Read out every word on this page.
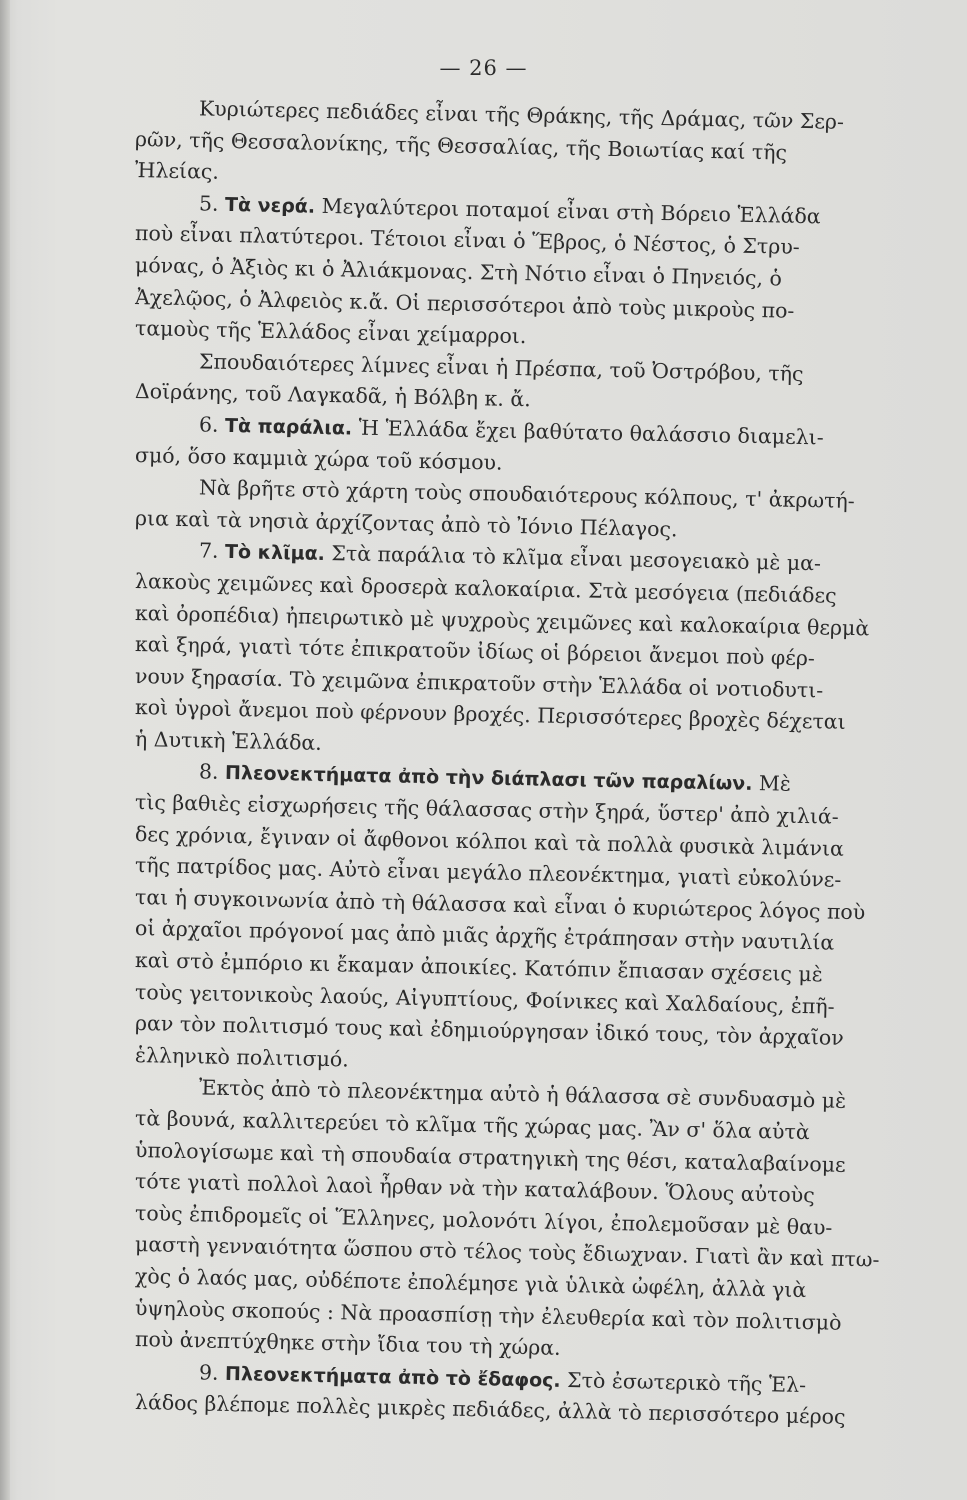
— 26 —
Κυριώτερες πεδιάδες εἶναι τῆς Θράκης, τῆς Δράμας, τῶν Σερ-
ρῶν, τῆς Θεσσαλονίκης, τῆς Θεσσαλίας, τῆς Βοιωτίας καί τῆς
Ἠλείας.
5. Τὰ νερά. Μεγαλύτεροι ποταμοί εἶναι στὴ Βόρειο Ἑλλάδα
ποὺ εἶναι πλατύτεροι. Τέτοιοι εἶναι ὁ Ἕβρος, ὁ Νέστος, ὁ Στρυ-
μόνας, ὁ Ἀξιὸς κι ὁ Ἀλιάκμονας. Στὴ Νότιο εἶναι ὁ Πηνειός, ὁ
Ἀχελῷος, ὁ Ἀλφειὸς κ.ἄ. Οἱ περισσότεροι ἀπὸ τοὺς μικροὺς πο-
ταμοὺς τῆς Ἑλλάδος εἶναι χείμαρροι.
Σπουδαιότερες λίμνες εἶναι ἡ Πρέσπα, τοῦ Ὀστρόβου, τῆς
Δοϊράνης, τοῦ Λαγκαδᾶ, ἡ Βόλβη κ. ἄ.
6. Τὰ παράλια. Ἡ Ἑλλάδα ἔχει βαθύτατο θαλάσσιο διαμελι-
σμό, ὅσο καμμιὰ χώρα τοῦ κόσμου.
Νὰ βρῆτε στὸ χάρτη τοὺς σπουδαιότερους κόλπους, τ' ἀκρωτή-
ρια καὶ τὰ νησιὰ ἀρχίζοντας ἀπὸ τὸ Ἰόνιο Πέλαγος.
7. Τὸ κλῖμα. Στὰ παράλια τὸ κλῖμα εἶναι μεσογειακὸ μὲ μα-
λακοὺς χειμῶνες καὶ δροσερὰ καλοκαίρια. Στὰ μεσόγεια (πεδιάδες
καὶ ὀροπέδια) ἠπειρωτικὸ μὲ ψυχροὺς χειμῶνες καὶ καλοκαίρια θερμὰ
καὶ ξηρά, γιατὶ τότε ἐπικρατοῦν ἰδίως οἱ βόρειοι ἄνεμοι ποὺ φέρ-
νουν ξηρασία. Τὸ χειμῶνα ἐπικρατοῦν στὴν Ἑλλάδα οἱ νοτιοδυτι-
κοὶ ὑγροὶ ἄνεμοι ποὺ φέρνουν βροχές. Περισσότερες βροχὲς δέχεται
ἡ Δυτικὴ Ἑλλάδα.
8. Πλεονεκτήματα ἀπὸ τὴν διάπλασι τῶν παραλίων. Μὲ
τὶς βαθιὲς εἰσχωρήσεις τῆς θάλασσας στὴν ξηρά, ὕστερ' ἀπὸ χιλιά-
δες χρόνια, ἔγιναν οἱ ἄφθονοι κόλποι καὶ τὰ πολλὰ φυσικὰ λιμάνια
τῆς πατρίδος μας. Αὐτὸ εἶναι μεγάλο πλεονέκτημα, γιατὶ εὐκολύνε-
ται ἡ συγκοινωνία ἀπὸ τὴ θάλασσα καὶ εἶναι ὁ κυριώτερος λόγος ποὺ
οἱ ἀρχαῖοι πρόγονοί μας ἀπὸ μιᾶς ἀρχῆς ἐτράπησαν στὴν ναυτιλία
καὶ στὸ ἐμπόριο κι ἔκαμαν ἀποικίες. Κατόπιν ἔπιασαν σχέσεις μὲ
τοὺς γειτονικοὺς λαούς, Αἰγυπτίους, Φοίνικες καὶ Χαλδαίους, ἐπῆ-
ραν τὸν πολιτισμό τους καὶ ἐδημιούργησαν ἰδικό τους, τὸν ἀρχαῖον
ἑλληνικὸ πολιτισμό.
Ἐκτὸς ἀπὸ τὸ πλεονέκτημα αὐτὸ ἡ θάλασσα σὲ συνδυασμὸ μὲ
τὰ βουνά, καλλιτερεύει τὸ κλῖμα τῆς χώρας μας. Ἂν σ' ὅλα αὐτὰ
ὑπολογίσωμε καὶ τὴ σπουδαία στρατηγικὴ της θέσι, καταλαβαίνομε
τότε γιατὶ πολλοὶ λαοὶ ἦρθαν νὰ τὴν καταλάβουν. Ὅλους αὐτοὺς
τοὺς ἐπιδρομεῖς οἱ Ἕλληνες, μολονότι λίγοι, ἐπολεμοῦσαν μὲ θαυ-
μαστὴ γενναιότητα ὥσπου στὸ τέλος τοὺς ἔδιωχναν. Γιατὶ ἂν καὶ πτω-
χὸς ὁ λαός μας, οὐδέποτε ἐπολέμησε γιὰ ὑλικὰ ὠφέλη, ἀλλὰ γιὰ
ὑψηλοὺς σκοπούς : Νὰ προασπίσῃ τὴν ἐλευθερία καὶ τὸν πολιτισμὸ
ποὺ ἀνεπτύχθηκε στὴν ἴδια του τὴ χώρα.
9. Πλεονεκτήματα ἀπὸ τὸ ἔδαφος. Στὸ ἐσωτερικὸ τῆς Ἑλ-
λάδος βλέπομε πολλὲς μικρὲς πεδιάδες, ἀλλὰ τὸ περισσότερο μέρος
